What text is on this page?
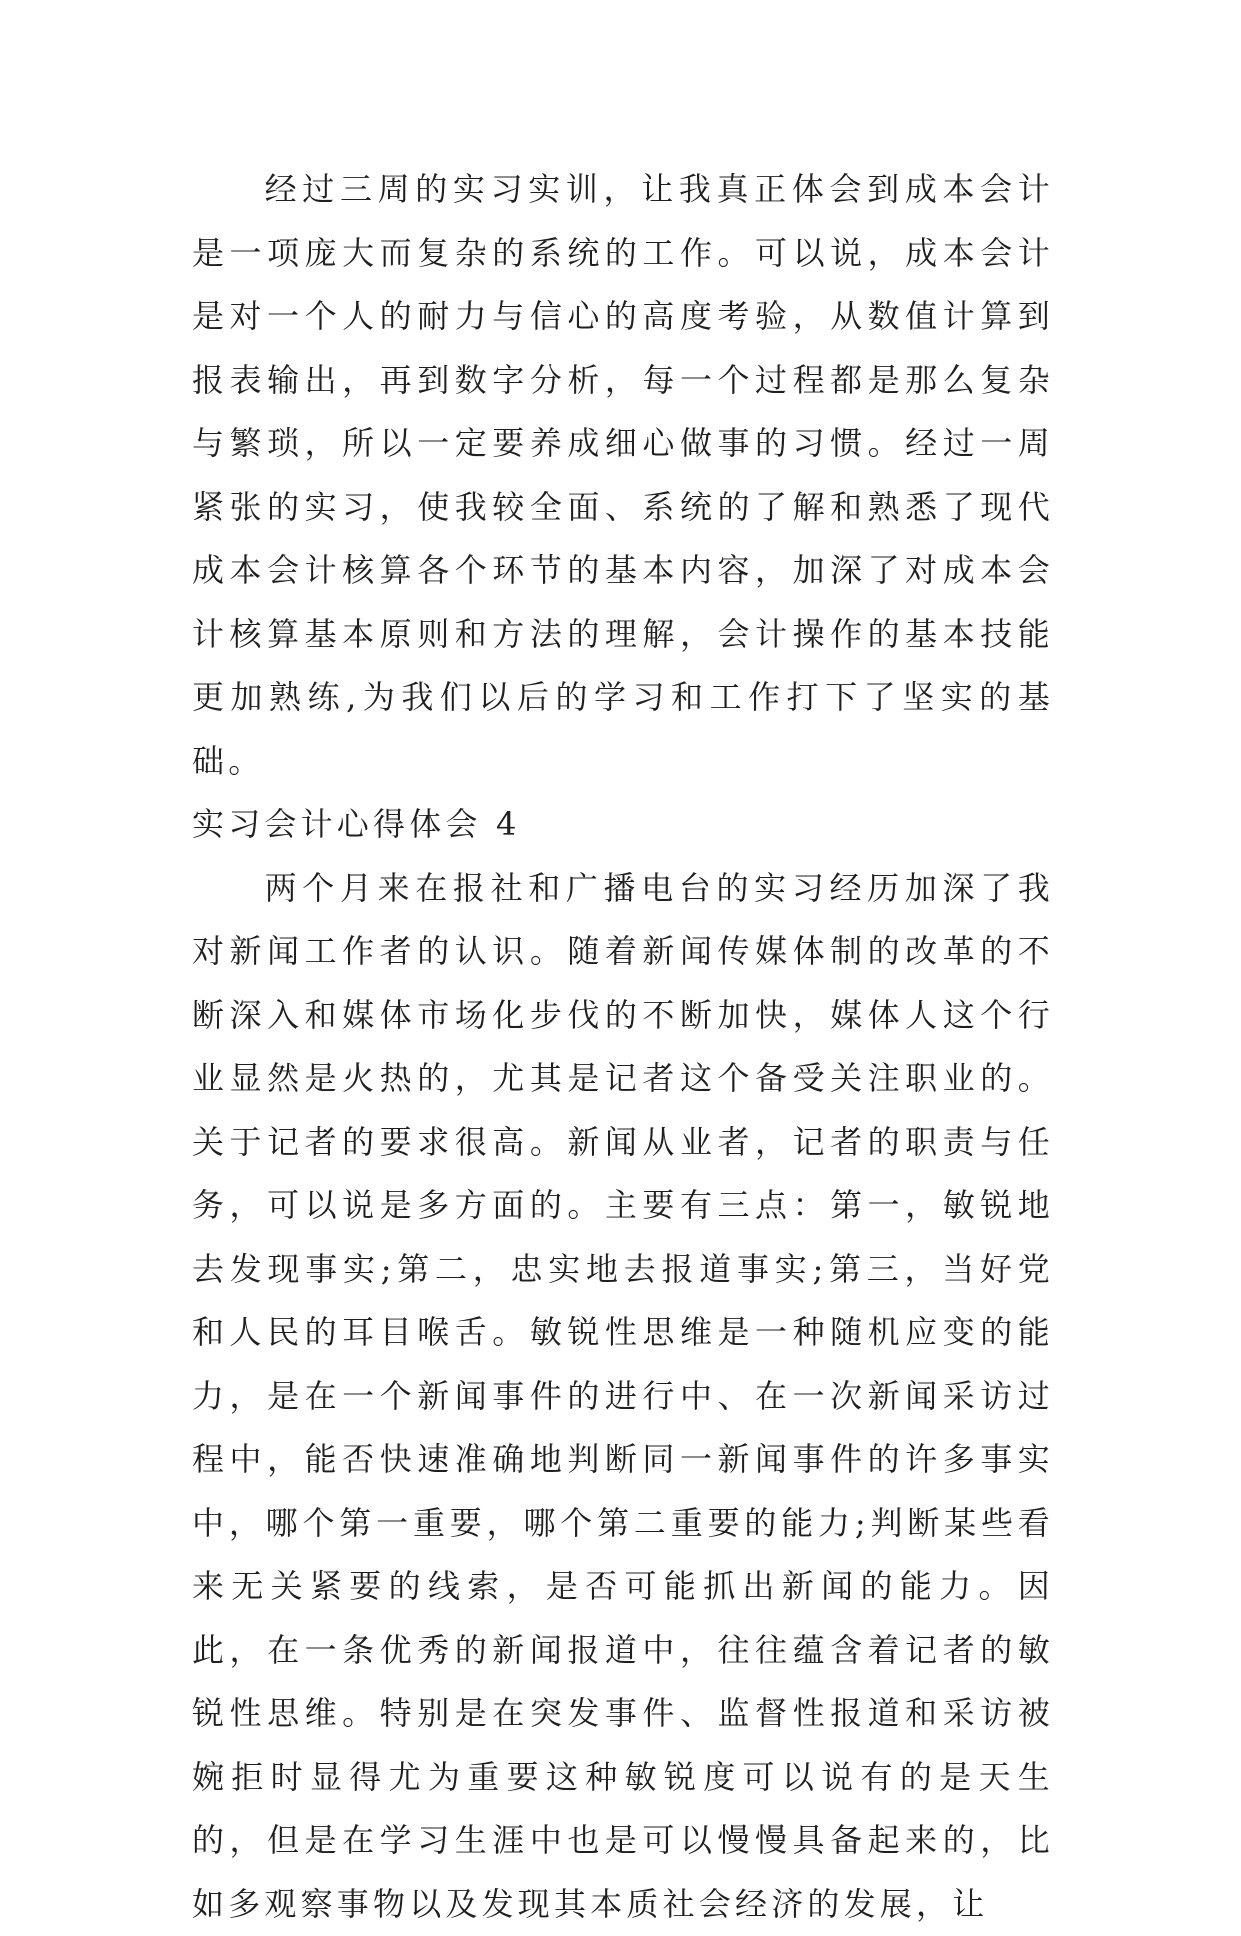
经过三周的实习实训，让我真正体会到成本会计是一项庞大而复杂的系统的工作。可以说，成本会计是对一个人的耐力与信心的高度考验，从数值计算到报表输出，再到数字分析，每一个过程都是那么复杂与繁琐，所以一定要养成细心做事的习惯。经过一周紧张的实习，使我较全面、系统的了解和熟悉了现代成本会计核算各个环节的基本内容，加深了对成本会计核算基本原则和方法的理解，会计操作的基本技能更加熟练,为我们以后的学习和工作打下了坚实的基础。

实习会计心得体会 4

两个月来在报社和广播电台的实习经历加深了我对新闻工作者的认识。随着新闻传媒体制的改革的不断深入和媒体市场化步伐的不断加快，媒体人这个行业显然是火热的，尤其是记者这个备受关注职业的。关于记者的要求很高。新闻从业者，记者的职责与任务，可以说是多方面的。主要有三点：第一，敏锐地去发现事实;第二，忠实地去报道事实;第三，当好党和人民的耳目喉舌。敏锐性思维是一种随机应变的能力，是在一个新闻事件的进行中、在一次新闻采访过程中，能否快速准确地判断同一新闻事件的许多事实中，哪个第一重要，哪个第二重要的能力;判断某些看来无关紧要的线索，是否可能抓出新闻的能力。因此，在一条优秀的新闻报道中，往往蕴含着记者的敏锐性思维。特别是在突发事件、监督性报道和采访被婉拒时显得尤为重要这种敏锐度可以说有的是天生的，但是在学习生涯中也是可以慢慢具备起来的，比如多观察事物以及发现其本质社会经济的发展，让
